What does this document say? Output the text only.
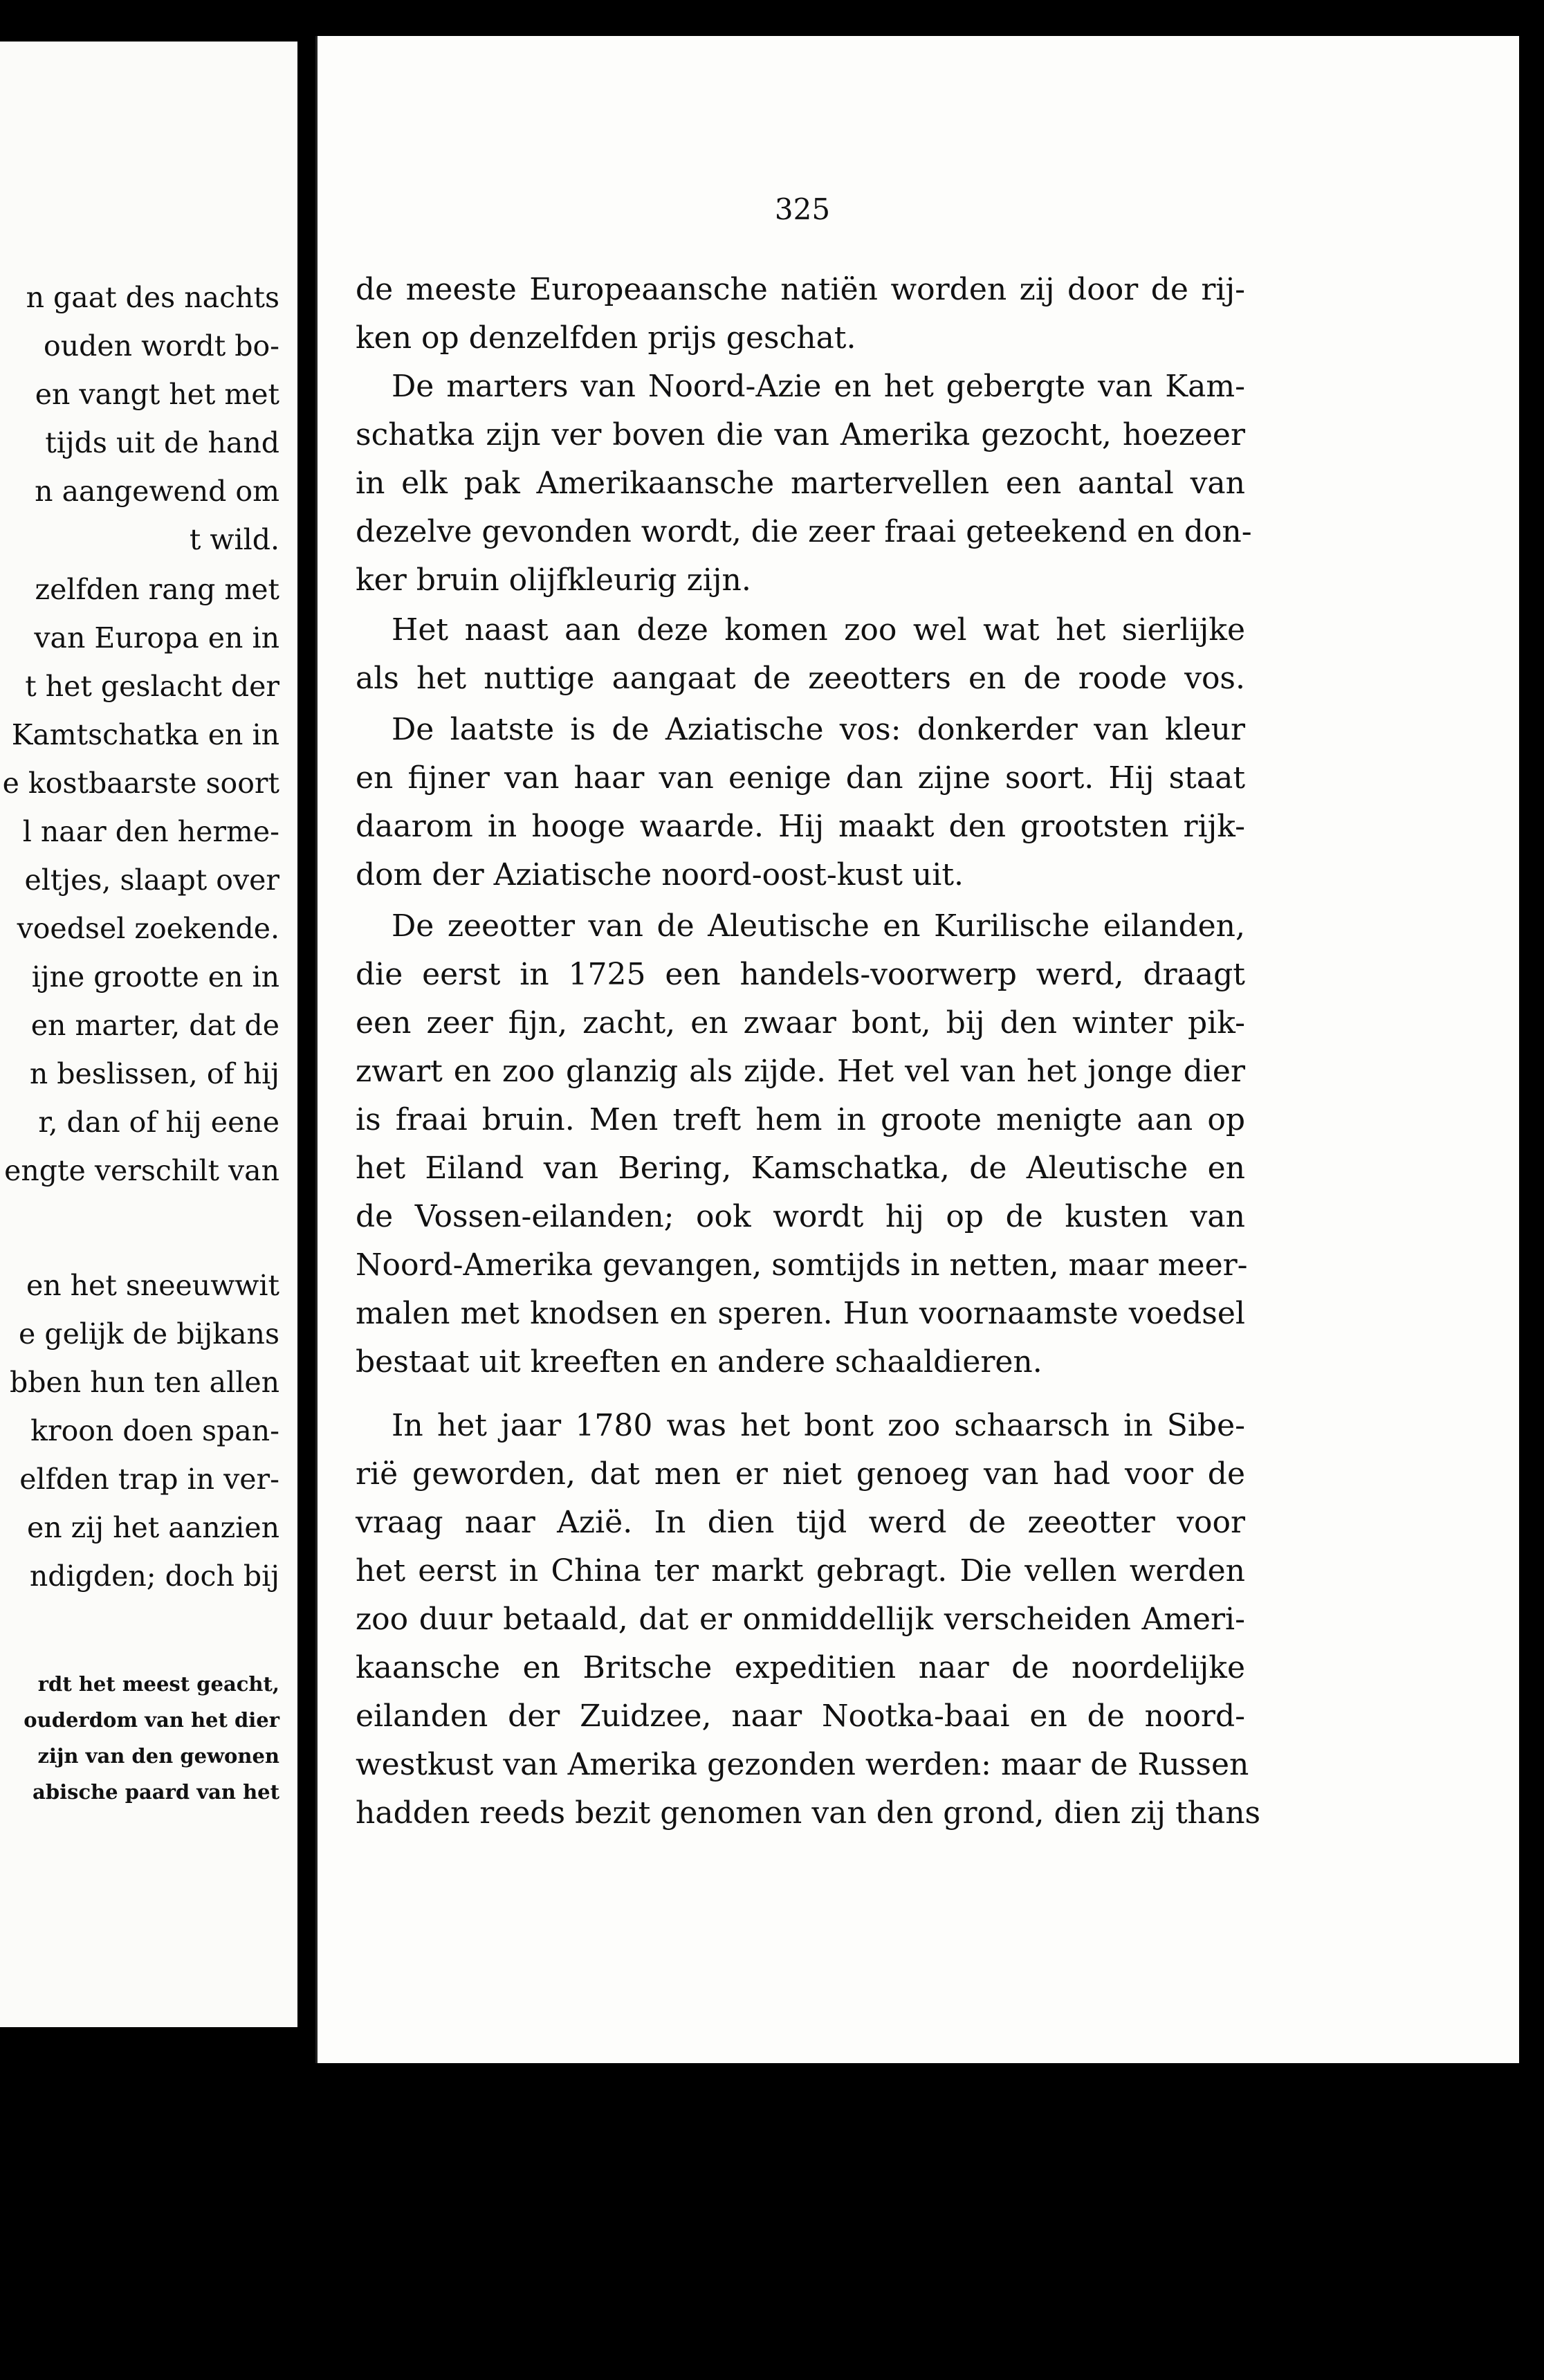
n gaat des nachts
ouden wordt bo-
en vangt het met
tijds uit de hand
n aangewend om
t wild.
zelfden rang met
van Europa en in
t het geslacht der
Kamtschatka en in
e kostbaarste soort
l naar den herme-
eltjes, slaapt over
voedsel zoekende.
ijne grootte en in
en marter, dat de
n beslissen, of hij
r, dan of hij eene
engte verschilt van
en het sneeuwwit
e gelijk de bijkans
bben hun ten allen
kroon doen span-
elfden trap in ver-
en zij het aanzien
ndigden; doch bij
rdt het meest geacht,
ouderdom van het dier
zijn van den gewonen
abische paard van het
325
de meeste Europeaansche natiën worden zij door de rij-
ken op denzelfden prijs geschat.
De marters van Noord-Azie en het gebergte van Kam-
schatka zijn ver boven die van Amerika gezocht, hoezeer
in elk pak Amerikaansche martervellen een aantal van
dezelve gevonden wordt, die zeer fraai geteekend en don-
ker bruin olijfkleurig zijn.
Het naast aan deze komen zoo wel wat het sierlijke
als het nuttige aangaat de zeeotters en de roode vos.
De laatste is de Aziatische vos: donkerder van kleur
en fijner van haar van eenige dan zijne soort. Hij staat
daarom in hooge waarde. Hij maakt den grootsten rijk-
dom der Aziatische noord-oost-kust uit.
De zeeotter van de Aleutische en Kurilische eilanden,
die eerst in 1725 een handels-voorwerp werd, draagt
een zeer fijn, zacht, en zwaar bont, bij den winter pik-
zwart en zoo glanzig als zijde. Het vel van het jonge dier
is fraai bruin. Men treft hem in groote menigte aan op
het Eiland van Bering, Kamschatka, de Aleutische en
de Vossen-eilanden; ook wordt hij op de kusten van
Noord-Amerika gevangen, somtijds in netten, maar meer-
malen met knodsen en speren. Hun voornaamste voedsel
bestaat uit kreeften en andere schaaldieren.
In het jaar 1780 was het bont zoo schaarsch in Sibe-
rië geworden, dat men er niet genoeg van had voor de
vraag naar Azië. In dien tijd werd de zeeotter voor
het eerst in China ter markt gebragt. Die vellen werden
zoo duur betaald, dat er onmiddellijk verscheiden Ameri-
kaansche en Britsche expeditien naar de noordelijke
eilanden der Zuidzee, naar Nootka-baai en de noord-
westkust van Amerika gezonden werden: maar de Russen
hadden reeds bezit genomen van den grond, dien zij thans
